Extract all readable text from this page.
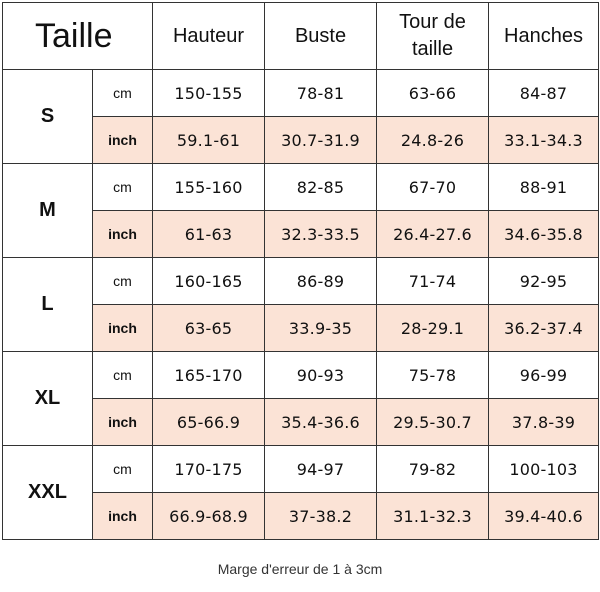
Taille		Hauteur	Buste	Tour de taille	Hanches
S	cm	150-155	78-81	63-66	84-87
	inch	59.1-61	30.7-31.9	24.8-26	33.1-34.3
M	cm	155-160	82-85	67-70	88-91
	inch	61-63	32.3-33.5	26.4-27.6	34.6-35.8
L	cm	160-165	86-89	71-74	92-95
	inch	63-65	33.9-35	28-29.1	36.2-37.4
XL	cm	165-170	90-93	75-78	96-99
	inch	65-66.9	35.4-36.6	29.5-30.7	37.8-39
XXL	cm	170-175	94-97	79-82	100-103
	inch	66.9-68.9	37-38.2	31.1-32.3	39.4-40.6
Marge d'erreur de 1 à 3cm
